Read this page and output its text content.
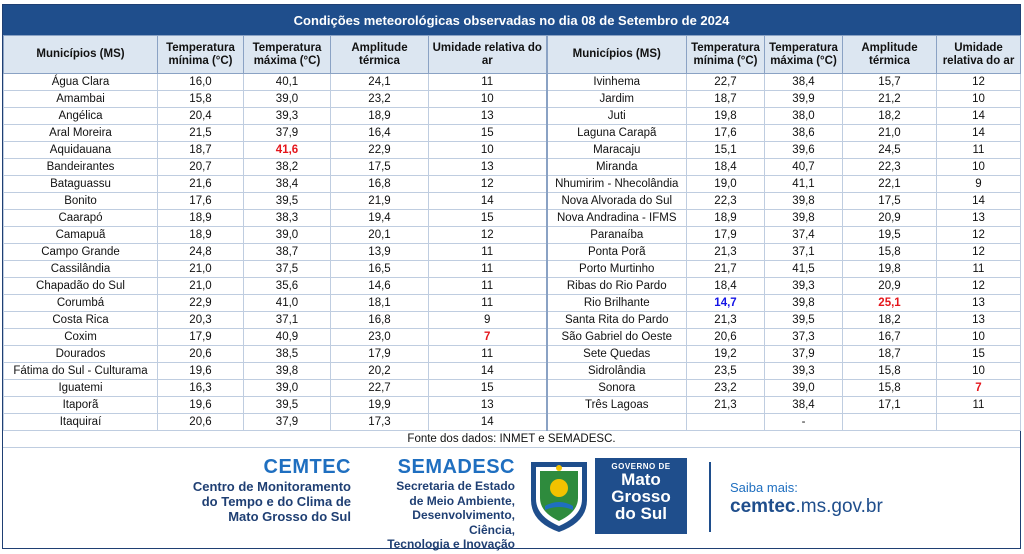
Condições meteorológicas observadas no dia 08 de Setembro de 2024
Municípios (MS)	Temperatura mínima (°C)	Temperatura máxima (°C)	Amplitude térmica	Umidade relativa do ar	Municípios (MS)	Temperatura mínima (°C)	Temperatura máxima (°C)	Amplitude térmica	Umidade relativa do ar
Água Clara	16,0	40,1	24,1	11	Ivinhema	22,7	38,4	15,7	12
Amambai	15,8	39,0	23,2	10	Jardim	18,7	39,9	21,2	10
Angélica	20,4	39,3	18,9	13	Juti	19,8	38,0	18,2	14
Aral Moreira	21,5	37,9	16,4	15	Laguna Carapã	17,6	38,6	21,0	14
Aquidauana	18,7	41,6	22,9	10	Maracaju	15,1	39,6	24,5	11
Bandeirantes	20,7	38,2	17,5	13	Miranda	18,4	40,7	22,3	10
Bataguassu	21,6	38,4	16,8	12	Nhumirim - Nhecolândia	19,0	41,1	22,1	9
Bonito	17,6	39,5	21,9	14	Nova Alvorada do Sul	22,3	39,8	17,5	14
Caarapó	18,9	38,3	19,4	15	Nova Andradina - IFMS	18,9	39,8	20,9	13
Camapuã	18,9	39,0	20,1	12	Paranaíba	17,9	37,4	19,5	12
Campo Grande	24,8	38,7	13,9	11	Ponta Porã	21,3	37,1	15,8	12
Cassilândia	21,0	37,5	16,5	11	Porto Murtinho	21,7	41,5	19,8	11
Chapadão do Sul	21,0	35,6	14,6	11	Ribas do Rio Pardo	18,4	39,3	20,9	12
Corumbá	22,9	41,0	18,1	11	Rio Brilhante	14,7	39,8	25,1	13
Costa Rica	20,3	37,1	16,8	9	Santa Rita do Pardo	21,3	39,5	18,2	13
Coxim	17,9	40,9	23,0	7	São Gabriel do Oeste	20,6	37,3	16,7	10
Dourados	20,6	38,5	17,9	11	Sete Quedas	19,2	37,9	18,7	15
Fátima do Sul - Culturama	19,6	39,8	20,2	14	Sidrolândia	23,5	39,3	15,8	10
Iguatemi	16,3	39,0	22,7	15	Sonora	23,2	39,0	15,8	7
Itaporã	19,6	39,5	19,9	13	Três Lagoas	21,3	38,4	17,1	11
Itaquiraí	20,6	37,9	17,3	14			-		
Fonte dos dados: INMET e SEMADESC.
CEMTEC
Centro de Monitoramento
do Tempo e do Clima de
Mato Grosso do Sul
SEMADESC
Secretaria de Estado
de Meio Ambiente,
Desenvolvimento, Ciência,
Tecnologia e Inovação
GOVERNO DE
Mato
Grosso
do Sul
Saiba mais:
cemtec.ms.gov.br
